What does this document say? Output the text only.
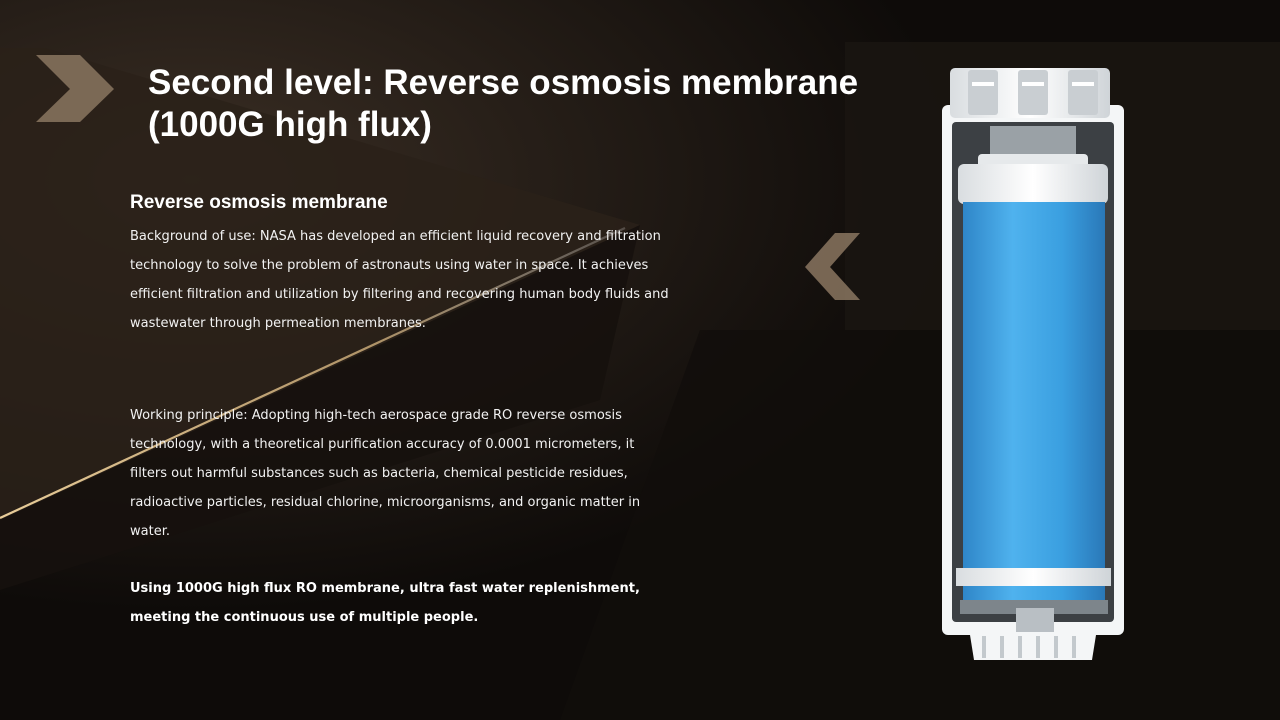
Second level: Reverse osmosis membrane (1000G high flux)
Reverse osmosis membrane

Background of use: NASA has developed an efficient liquid recovery and filtration technology to solve the problem of astronauts using water in space. It achieves efficient filtration and utilization by filtering and recovering human body fluids and wastewater through permeation membranes.

Working principle: Adopting high-tech aerospace grade RO reverse osmosis technology, with a theoretical purification accuracy of 0.0001 micrometers, it filters out harmful substances such as bacteria, chemical pesticide residues, radioactive particles, residual chlorine, microorganisms, and organic matter in water.

Using 1000G high flux RO membrane, ultra fast water replenishment, meeting the continuous use of multiple people.
